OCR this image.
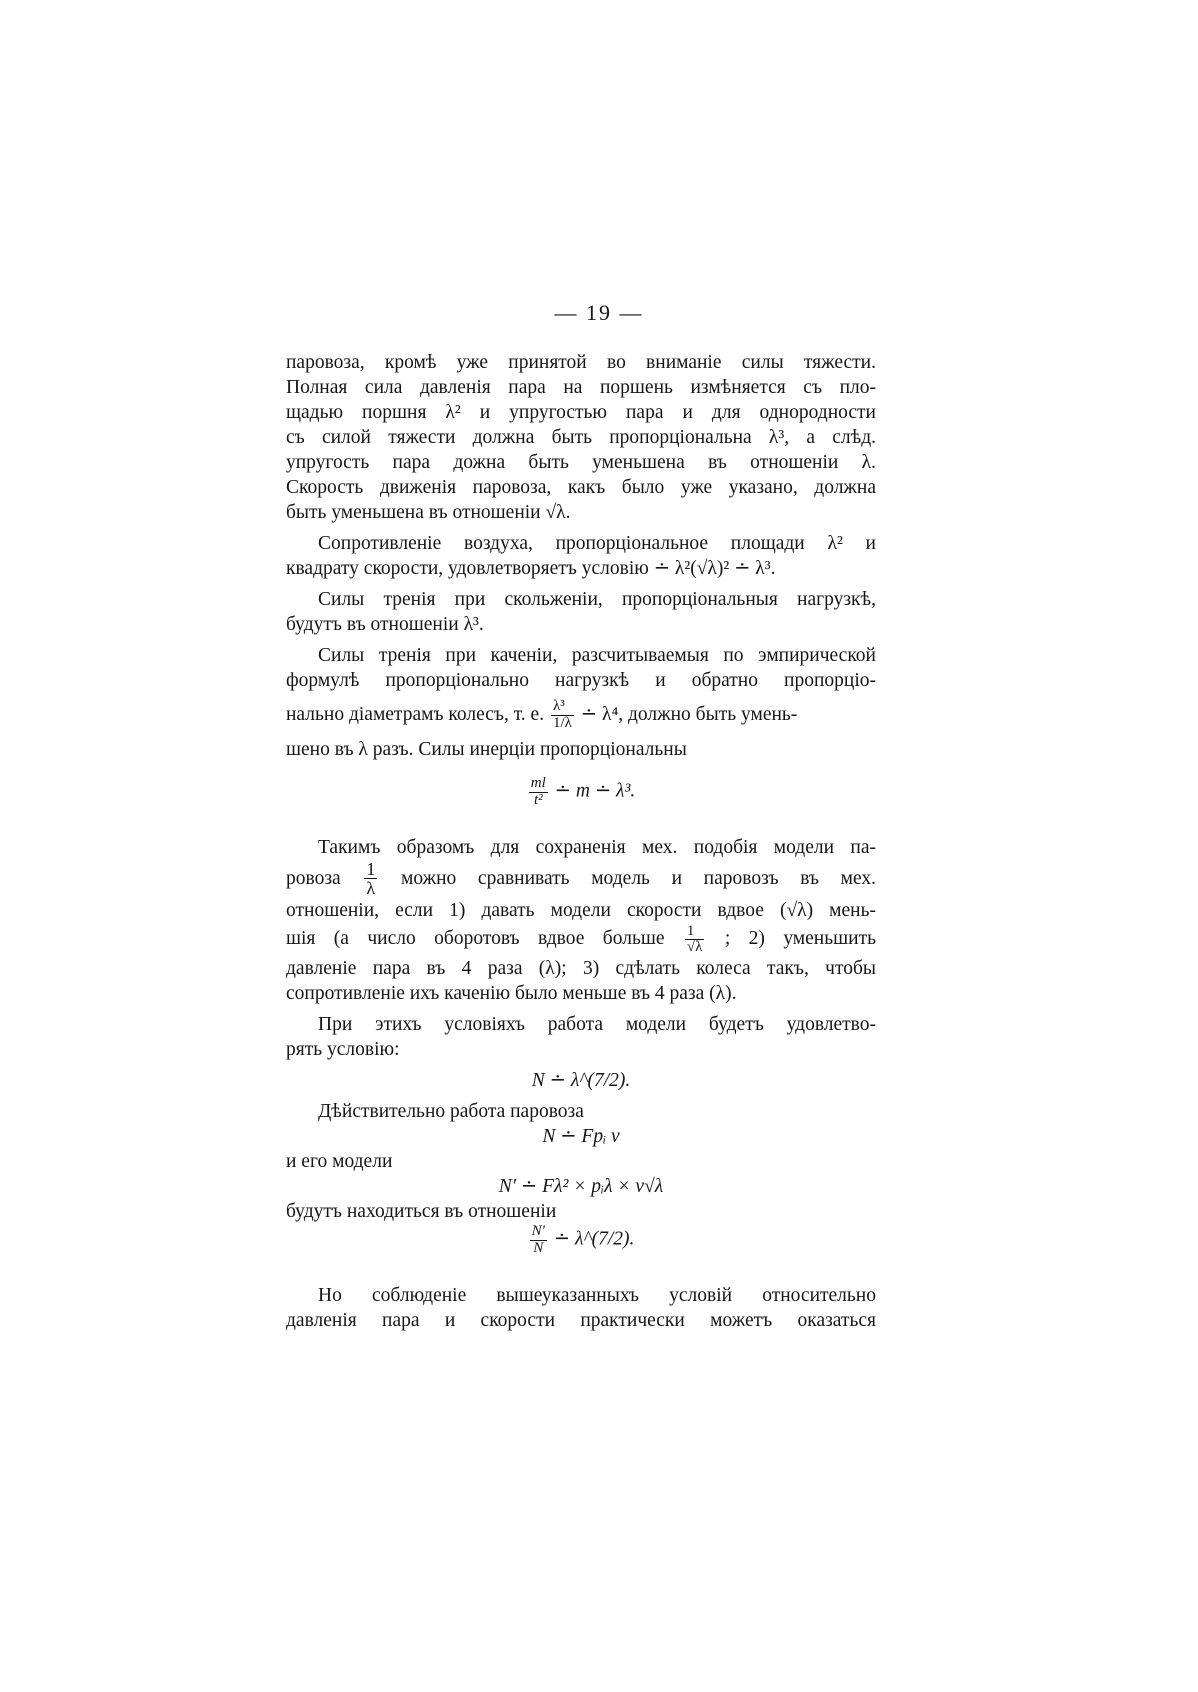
— 19 —
паровоза, кромѣ уже принятой во вниманіе силы тяжести.
Полная сила давленія пара на поршень измѣняется съ пло-
щадью поршня λ² и упругостью пара и для однородности
съ силой тяжести должна быть пропорціональна λ³, а слѣд.
упругость пара дожна быть уменьшена въ отношеніи λ.
Скорость движенія паровоза, какъ было уже указано, должна
быть уменьшена въ отношеніи √λ.
Сопротивленіе воздуха, пропорціональное площади λ² и
квадрату скорости, удовлетворяетъ условію ∸ λ²(√λ)² ∸ λ³.
Силы тренія при скольженіи, пропорціональныя нагрузкѣ,
будутъ въ отношеніи λ³.
Силы тренія при каченіи, разсчитываемыя по эмпирической
формулѣ пропорціонально нагрузкѣ и обратно пропорціо-
нально діаметрамъ колесъ, т. е. $\frac{\text{λ³}}{1/\lambda}$ ∸ λ⁴, должно быть умень-
шено въ λ разъ. Силы инерціи пропорціональны
$\frac{ml}{\text{t²}}$ ∸ m ∸ λ³.
Такимъ образомъ для сохраненія мех. подобія модели па-
ровоза $\frac{1}{\lambda}$ можно сравнивать модель и паровозъ въ мех.
отношеніи, если 1) давать модели скорости вдвое (√λ) мень-
шія (а число оборотовъ вдвое больше $\frac{1}{√\lambda}$ ; 2) уменьшить
давленіе пара въ 4 раза (λ); 3) сдѣлать колеса такъ, чтобы
сопротивленіе ихъ каченію было меньше въ 4 раза (λ).
При этихъ условіяхъ работа модели будетъ удовлетво-
рять условію:
N ∸ λ^(7/2).
Дѣйствительно работа паровоза
N ∸ Fpᵢ v
и его модели
N′ ∸ Fλ² × pᵢλ × v√λ
будутъ находиться въ отношеніи
$\frac{N'}{N}$ ∸ λ^(7/2).
Но соблюденіе вышеуказанныхъ условій относительно
давленія пара и скорости практически можетъ оказаться
